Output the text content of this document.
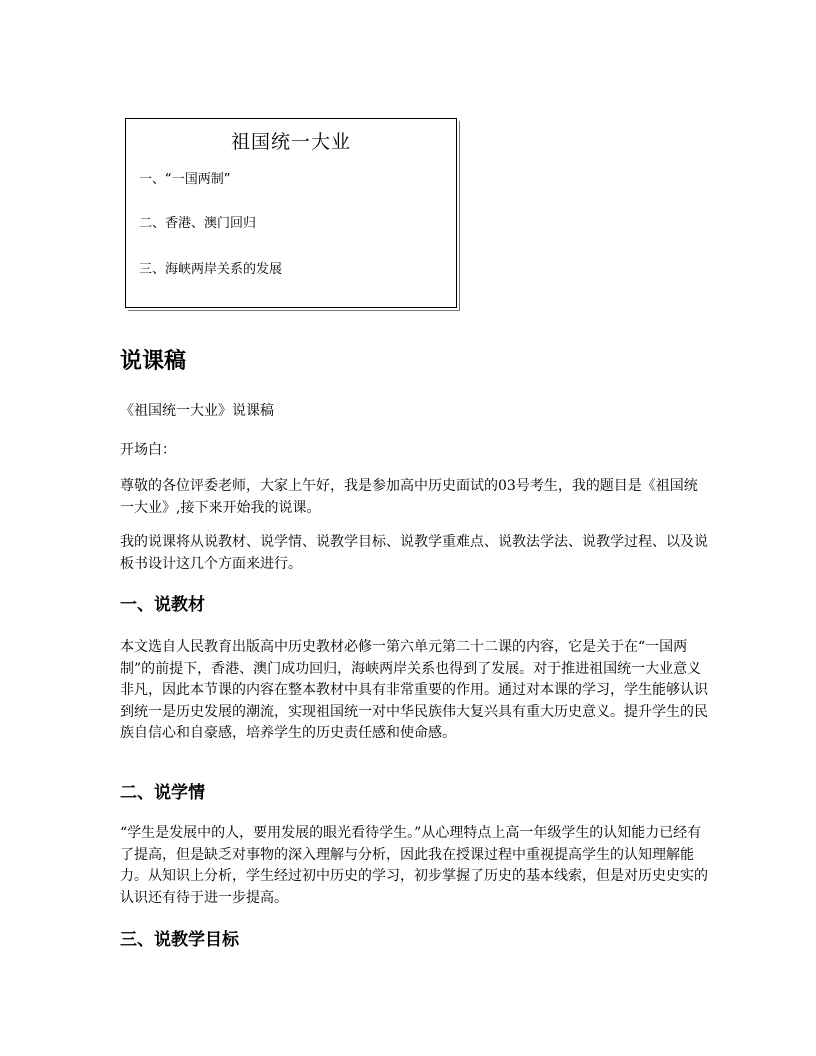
祖国统一大业
一、“一国两制”
二、香港、澳门回归
三、海峡两岸关系的发展
说课稿

《祖国统一大业》说课稿

开场白：

尊敬的各位评委老师，大家上午好，我是参加高中历史面试的03号考生，我的题目是《祖国统一大业》,接下来开始我的说课。

我的说课将从说教材、说学情、说教学目标、说教学重难点、说教法学法、说教学过程、以及说板书设计这几个方面来进行。

一、说教材

本文选自人民教育出版高中历史教材必修一第六单元第二十二课的内容，它是关于在“一国两制”的前提下，香港、澳门成功回归，海峡两岸关系也得到了发展。对于推进祖国统一大业意义非凡，因此本节课的内容在整本教材中具有非常重要的作用。通过对本课的学习，学生能够认识到统一是历史发展的潮流，实现祖国统一对中华民族伟大复兴具有重大历史意义。提升学生的民族自信心和自豪感，培养学生的历史责任感和使命感。

二、说学情

“学生是发展中的人，要用发展的眼光看待学生。”从心理特点上高一年级学生的认知能力已经有了提高，但是缺乏对事物的深入理解与分析，因此我在授课过程中重视提高学生的认知理解能力。从知识上分析，学生经过初中历史的学习，初步掌握了历史的基本线索，但是对历史史实的认识还有待于进一步提高。

三、说教学目标
